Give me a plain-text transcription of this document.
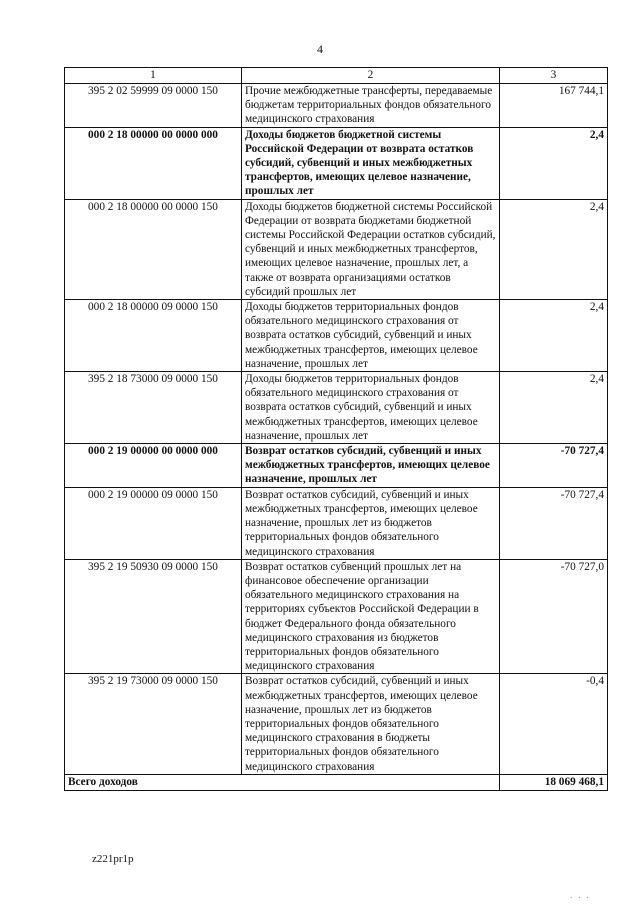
4
1	2	3
395 2 02 59999 09 0000 150	Прочие межбюджетные трансферты, передаваемые бюджетам территориальных фондов обязательного медицинского страхования	167 744,1
000 2 18 00000 00 0000 000	Доходы бюджетов бюджетной системы Российской Федерации от возврата остатков субсидий, субвенций и иных межбюджетных трансфертов, имеющих целевое назначение, прошлых лет	2,4
000 2 18 00000 00 0000 150	Доходы бюджетов бюджетной системы Российской Федерации от возврата бюджетами бюджетной системы Российской Федерации остатков субсидий, субвенций и иных межбюджетных трансфертов, имеющих целевое назначение, прошлых лет, а также от возврата организациями остатков субсидий прошлых лет	2,4
000 2 18 00000 09 0000 150	Доходы бюджетов территориальных фондов обязательного медицинского страхования от возврата остатков субсидий, субвенций и иных межбюджетных трансфертов, имеющих целевое назначение, прошлых лет	2,4
395 2 18 73000 09 0000 150	Доходы бюджетов территориальных фондов обязательного медицинского страхования от возврата остатков субсидий, субвенций и иных межбюджетных трансфертов, имеющих целевое назначение, прошлых лет	2,4
000 2 19 00000 00 0000 000	Возврат остатков субсидий, субвенций и иных межбюджетных трансфертов, имеющих целевое назначение, прошлых лет	-70 727,4
000 2 19 00000 09 0000 150	Возврат остатков субсидий, субвенций и иных межбюджетных трансфертов, имеющих целевое назначение, прошлых лет из бюджетов территориальных фондов обязательного медицинского страхования	-70 727,4
395 2 19 50930 09 0000 150	Возврат остатков субвенций прошлых лет на финансовое обеспечение организации обязательного медицинского страхования на территориях субъектов Российской Федерации в бюджет Федерального фонда обязательного медицинского страхования из бюджетов территориальных фондов обязательного медицинского страхования	-70 727,0
395 2 19 73000 09 0000 150	Возврат остатков субсидий, субвенций и иных межбюджетных трансфертов, имеющих целевое назначение, прошлых лет из бюджетов территориальных фондов обязательного медицинского страхования в бюджеты территориальных фондов обязательного медицинского страхования	-0,4
Всего доходов		18 069 468,1
z221pr1p
· · ·
